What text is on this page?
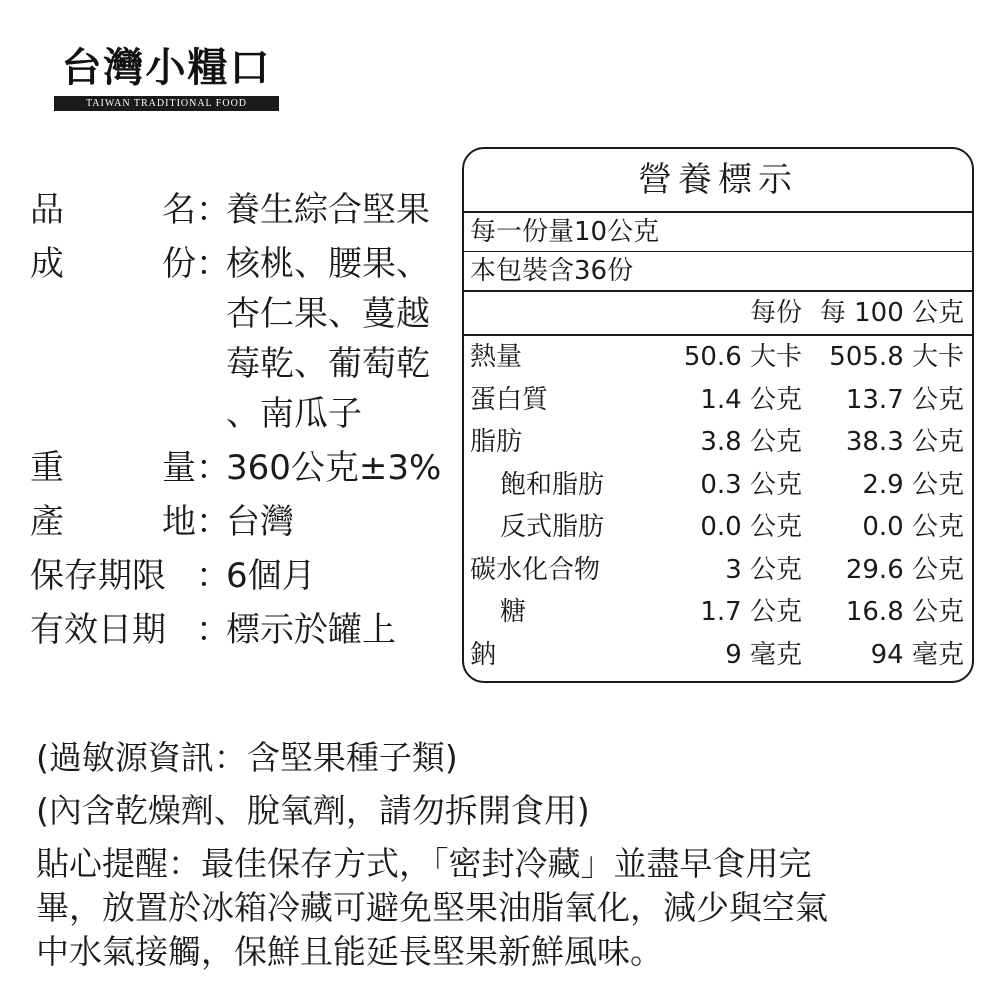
台灣小糧口
TAIWAN TRADITIONAL FOOD
品	名 ：
養生綜合堅果
成	份 ：
核桃、腰果、
杏仁果、蔓越
莓乾、葡萄乾
、南瓜子
重	量 ：
360公克±3%
產	地 ：
台灣
保存期限 ：
6個月
有效日期 ：
標示於罐上
營養標示
每一份量10公克
本包裝含36份
每份 每 100 公克
熱量	50.6 大卡	505.8 大卡
蛋白質	1.4 公克	13.7 公克
脂肪	3.8 公克	38.3 公克
飽和脂肪	0.3 公克	2.9 公克
反式脂肪	0.0 公克	0.0 公克
碳水化合物	3 公克	29.6 公克
糖	1.7 公克	16.8 公克
鈉	9 毫克	94 毫克
(過敏源資訊：含堅果種子類)
(內含乾燥劑、脫氧劑，請勿拆開食用)
貼心提醒：最佳保存方式，「密封冷藏」並盡早食用完
畢，放置於冰箱冷藏可避免堅果油脂氧化，減少與空氣
中水氣接觸，保鮮且能延長堅果新鮮風味。
